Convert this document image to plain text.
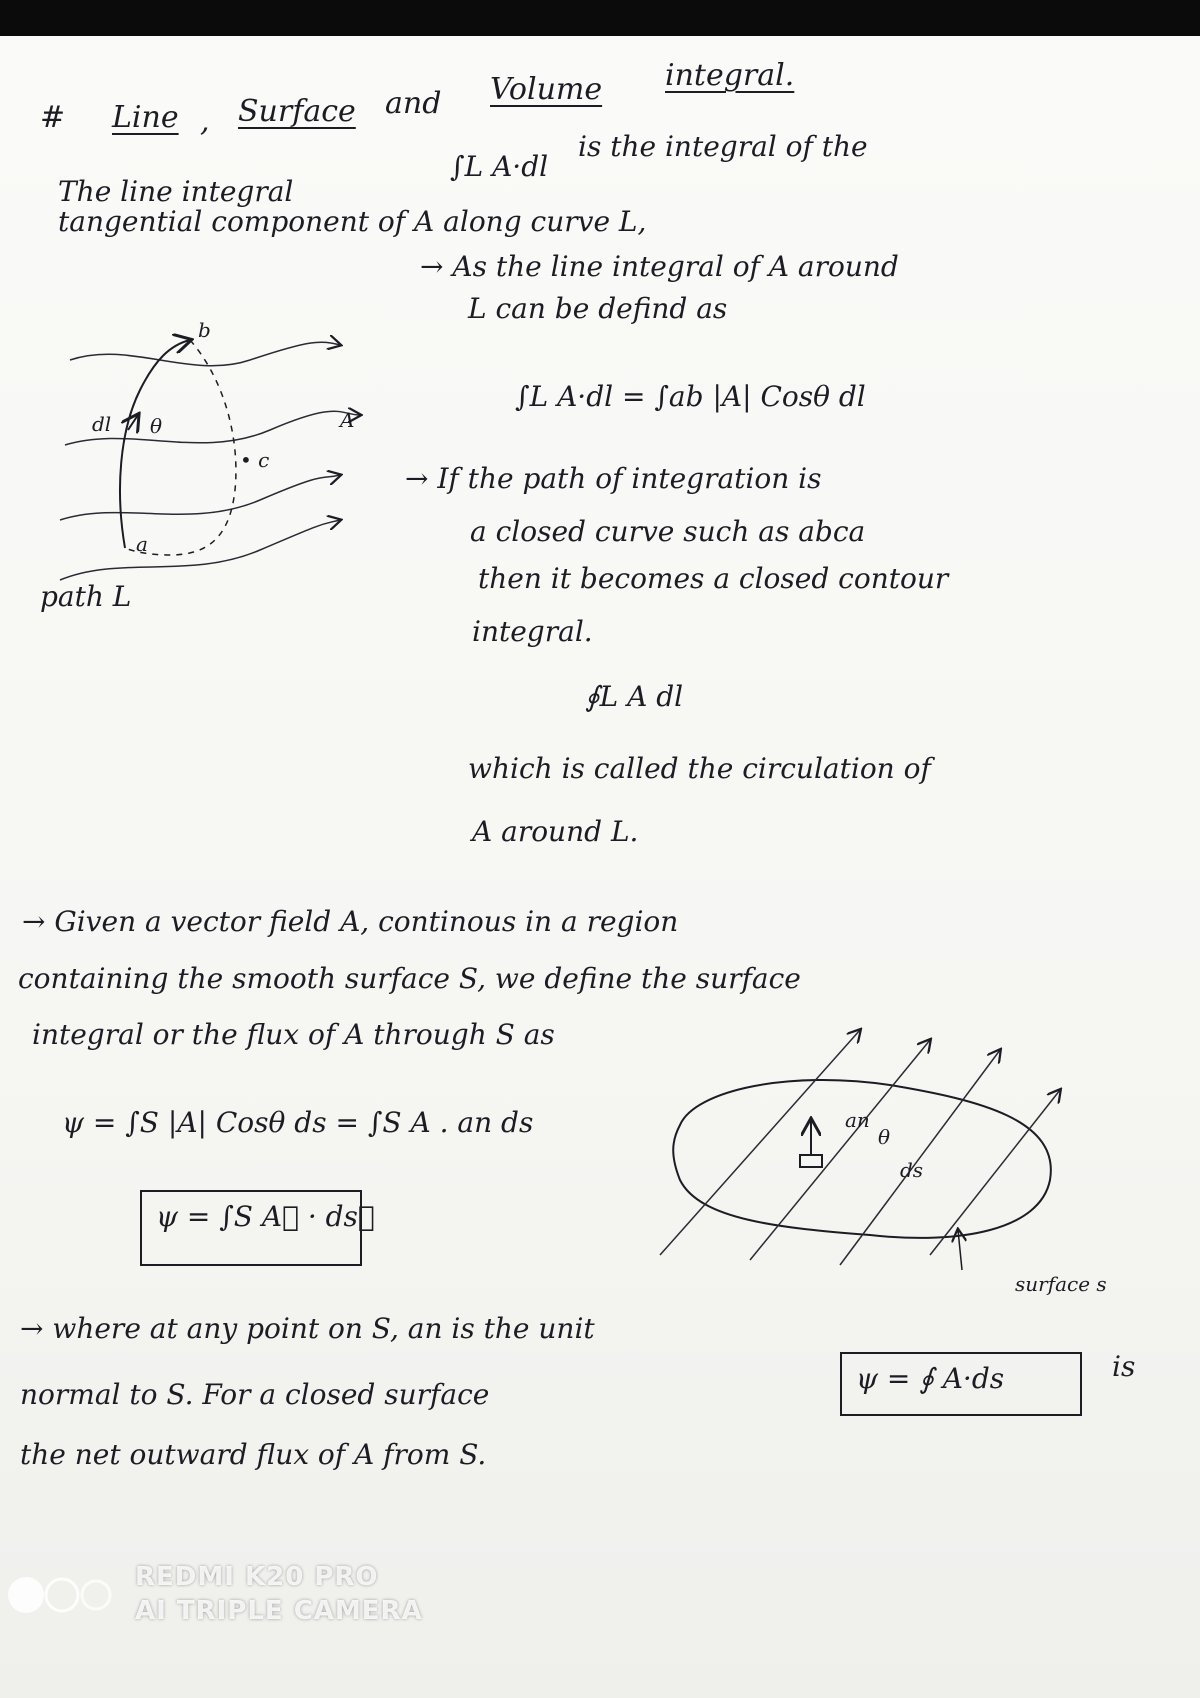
# Line , Surface and Volume integral.
The line integral
∫L A·dl
is the integral of the
tangential component of A along curve L,
→ As the line integral of A around
L can be defind as
∫L A·dl = ∫ab |A| Cosθ dl
b
dl θ	A
• c
a
path L
→ If the path of integration is
a closed curve such as abca
then it becomes a closed contour
integral.
∮L A dl
which is called the circulation of
A around L.
→ Given a vector field A, continous in a region
containing the smooth surface S, we define the surface
integral or the flux of A through S as
ψ = ∫S |A| Cosθ ds = ∫S A . an ds
ψ = ∫S A⃗ · ds⃗
an
θ
ds
surface s
→ where at any point on S, an is the unit
normal to S. For a closed surface	ψ = ∮ A·ds	is
the net outward flux of A from S.
REDMI K20 PRO
AI TRIPLE CAMERA
